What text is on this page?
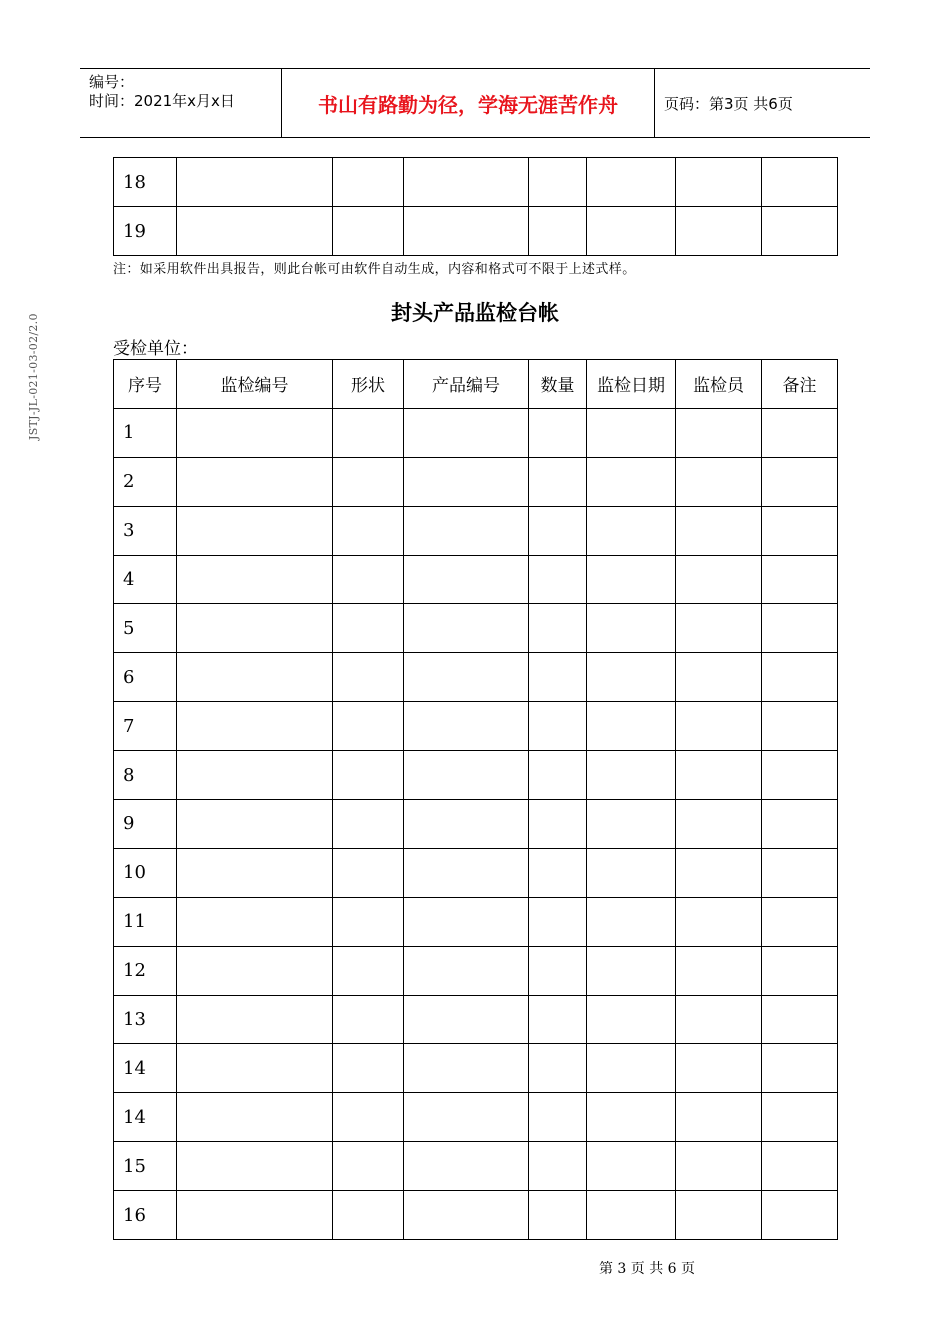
编号：
时间：2021年x月x日	书山有路勤为径，学海无涯苦作舟	页码：第3页 共6页
JSTJ-JL-021-03-02/2.0
18							
19							
注：如采用软件出具报告，则此台帐可由软件自动生成，内容和格式可不限于上述式样。
封头产品监检台帐
受检单位：
序号	监检编号	形状	产品编号	数量	监检日期	监检员	备注
1							
2							
3							
4							
5							
6							
7							
8							
9							
10							
11							
12							
13							
14							
14							
15							
16							
第 3 页 共 6 页
